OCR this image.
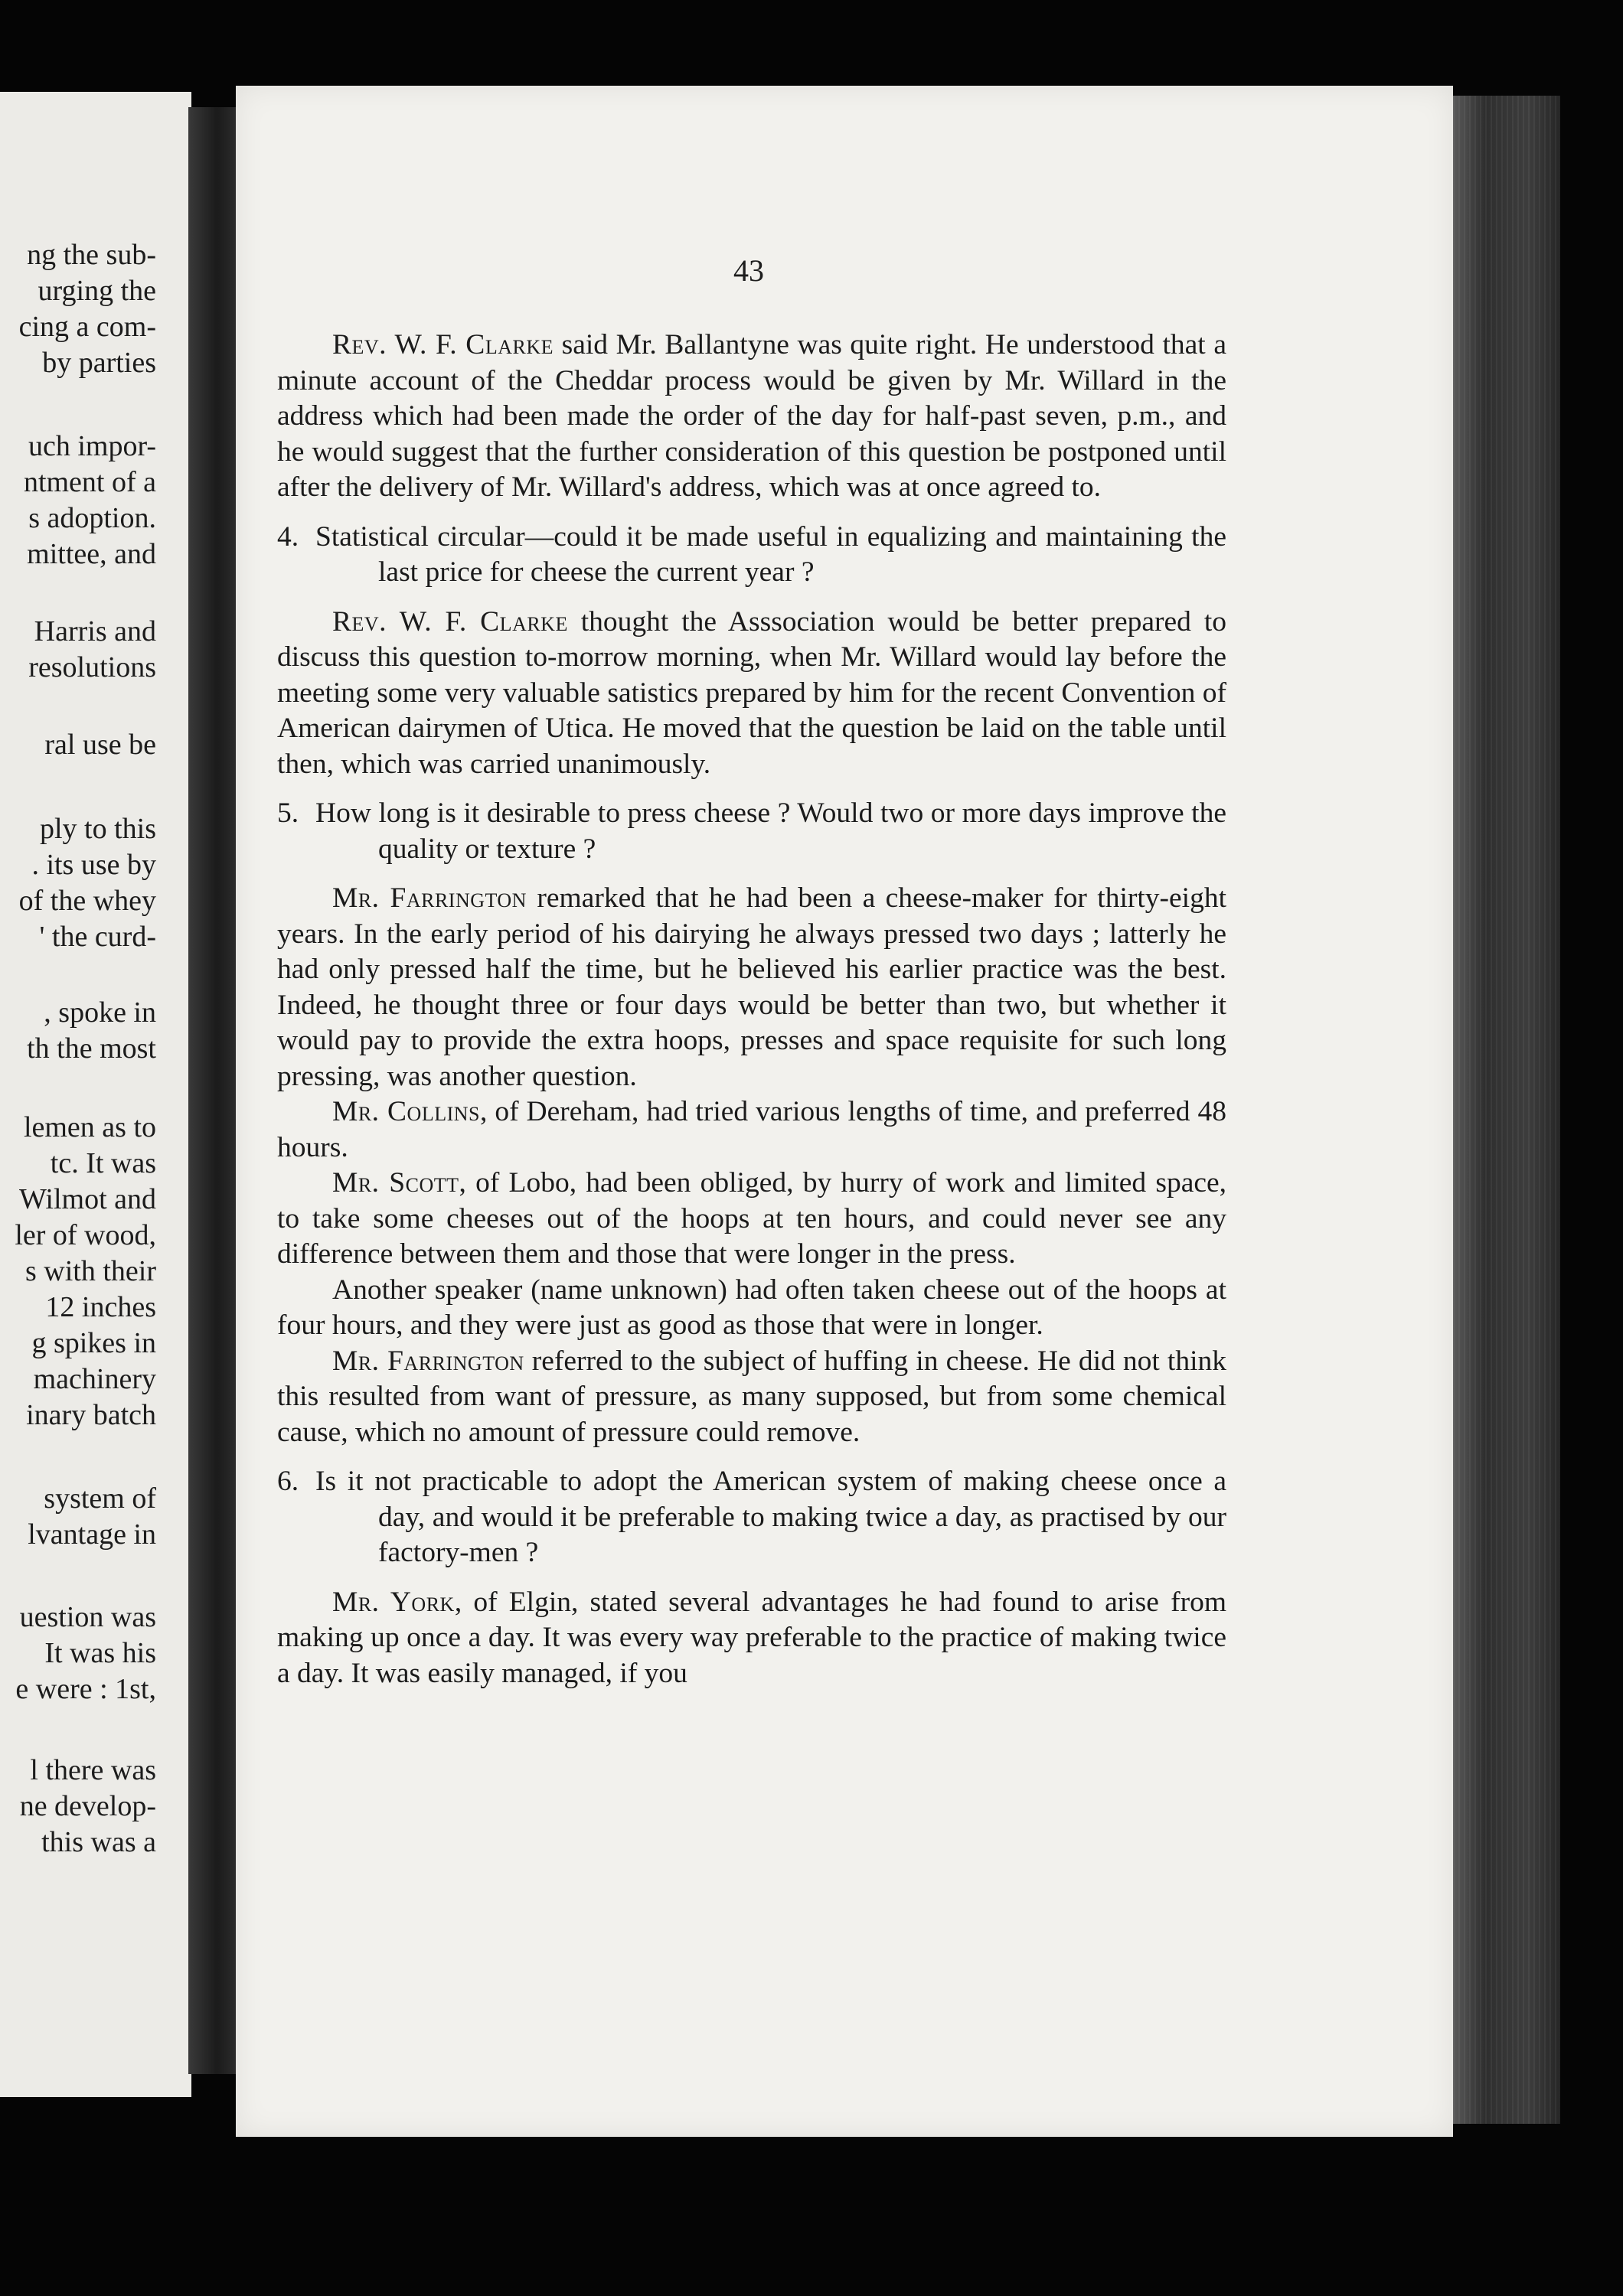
ng the sub-
urging the
cing a com-
by parties
uch impor-
ntment of a
s adoption.
mittee, and
Harris and
resolutions
ral use be
ply to this
. its use by
of the whey
' the curd-
, spoke in
th the most
lemen as to
tc. It was
Wilmot and
ler of wood,
s with their
12 inches
g spikes in
machinery
inary batch
system of
lvantage in
uestion was
It was his
e were : 1st,
l there was
ne develop-
this was a
43

Rev. W. F. Clarke said Mr. Ballantyne was quite right. He understood that a minute account of the Cheddar process would be given by Mr. Willard in the address which had been made the order of the day for half-past seven, p.m., and he would suggest that the further consideration of this question be postponed until after the delivery of Mr. Willard's address, which was at once agreed to.

4. Statistical circular—could it be made useful in equalizing and maintaining the last price for cheese the current year ?

Rev. W. F. Clarke thought the Asssociation would be better prepared to discuss this question to-morrow morning, when Mr. Willard would lay before the meeting some very valuable satistics prepared by him for the recent Convention of American dairymen of Utica. He moved that the question be laid on the table until then, which was carried unanimously.

5. How long is it desirable to press cheese ? Would two or more days improve the quality or texture ?

Mr. Farrington remarked that he had been a cheese-maker for thirty-eight years. In the early period of his dairying he always pressed two days ; latterly he had only pressed half the time, but he believed his earlier practice was the best. Indeed, he thought three or four days would be better than two, but whether it would pay to provide the extra hoops, presses and space requisite for such long pressing, was another question.

Mr. Collins, of Dereham, had tried various lengths of time, and preferred 48 hours.

Mr. Scott, of Lobo, had been obliged, by hurry of work and limited space, to take some cheeses out of the hoops at ten hours, and could never see any difference between them and those that were longer in the press.

Another speaker (name unknown) had often taken cheese out of the hoops at four hours, and they were just as good as those that were in longer.

Mr. Farrington referred to the subject of huffing in cheese. He did not think this resulted from want of pressure, as many supposed, but from some chemical cause, which no amount of pressure could remove.

6. Is it not practicable to adopt the American system of making cheese once a day, and would it be preferable to making twice a day, as practised by our factory-men ?

Mr. York, of Elgin, stated several advantages he had found to arise from making up once a day. It was every way preferable to the practice of making twice a day. It was easily managed, if you
